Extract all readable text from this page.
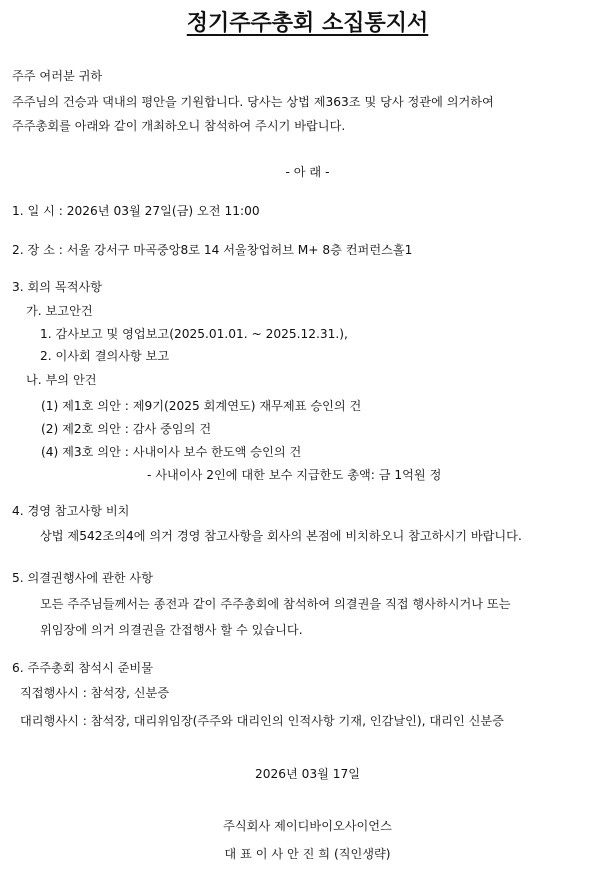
정기주주총회 소집통지서
주주 여러분 귀하
주주님의 건승과 댁내의 평안을 기원합니다. 당사는 상법 제363조 및 당사 정관에 의거하여
주주총회를 아래와 같이 개최하오니 참석하여 주시기 바랍니다.
- 아 래 -
1. 일 시 : 2026년 03월 27일(금) 오전 11:00
2. 장 소 : 서울 강서구 마곡중앙8로 14 서울창업허브 M+ 8층 컨퍼런스홀1
3. 회의 목적사항
가. 보고안건
1. 감사보고 및 영업보고(2025.01.01. ~ 2025.12.31.),
2. 이사회 결의사항 보고
나. 부의 안건
(1) 제1호 의안 : 제9기(2025 회계연도) 재무제표 승인의 건
(2) 제2호 의안 : 감사 중임의 건
(4) 제3호 의안 : 사내이사 보수 한도액 승인의 건
- 사내이사 2인에 대한 보수 지급한도 총액: 금 1억원 정
4. 경영 참고사항 비치
상법 제542조의4에 의거 경영 참고사항을 회사의 본점에 비치하오니 참고하시기 바랍니다.
5. 의결권행사에 관한 사항
모든 주주님들께서는 종전과 같이 주주총회에 참석하여 의결권을 직접 행사하시거나 또는
위임장에 의거 의결권을 간접행사 할 수 있습니다.
6. 주주총회 참석시 준비물
직접행사시 : 참석장, 신분증
대리행사시 : 참석장, 대리위임장(주주와 대리인의 인적사항 기재, 인감날인), 대리인 신분증
2026년 03월 17일
주식회사 제이디바이오사이언스
대 표 이 사 안 진 희 (직인생략)
